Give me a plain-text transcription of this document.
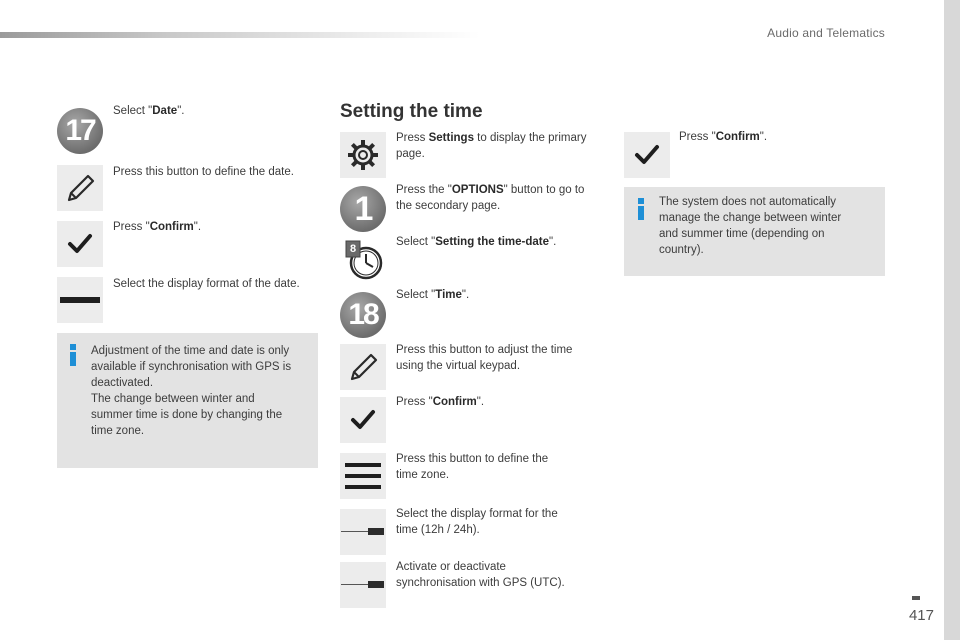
Audio and Telematics
17
Select "Date".
Press this button to define the date.
Press "Confirm".
Select the display format of the date.
Adjustment of the time and date is only
available if synchronisation with GPS is
deactivated.
The change between winter and
summer time is done by changing the
time zone.
Setting the time
Press Settings to display the primary
page.
1	Press the "OPTIONS" button to go to
the secondary page.
8
Select "Setting the time-date".
18
Select "Time".
Press this button to adjust the time
using the virtual keypad.
Press "Confirm".
Press this button to define the
time zone.
Select the display format for the
time (12h / 24h).
Activate or deactivate
synchronisation with GPS (UTC).
Press "Confirm".
The system does not automatically
manage the change between winter
and summer time (depending on
country).
417
